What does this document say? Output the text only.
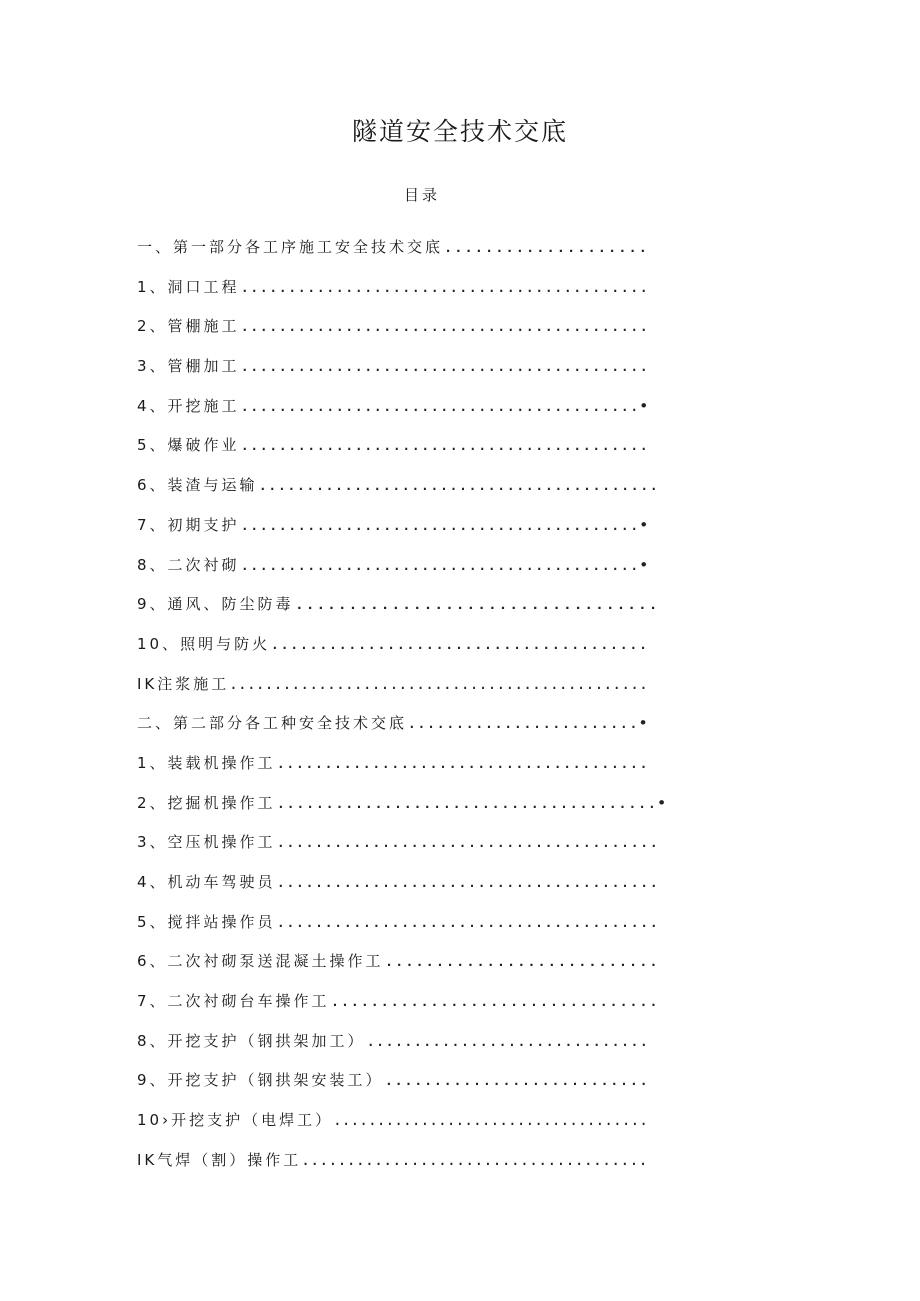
隧道安全技术交底
目录
一、第一部分各工序施工安全技术交底....................
1、洞口工程...........................................
2、管棚施工...........................................
3、管棚加工...........................................
4、开挖施工..........................................•
5、爆破作业...........................................
6、装渣与运输..........................................
7、初期支护..........................................•
8、二次衬砌..........................................•
9、通风、防尘防毒..................................
10、照明与防火.......................................
IK注浆施工...............................................
二、第二部分各工种安全技术交底........................•
1、装载机操作工.......................................
2、挖掘机操作工.......................................•
3、空压机操作工........................................
4、机动车驾驶员........................................
5、搅拌站操作员........................................
6、二次衬砌泵送混凝土操作工...........................
7、二次衬砌台车操作工.................................
8、开挖支护（钢拱架加工）..............................
9、开挖支护（钢拱架安装工）...........................
10›开挖支护（电焊工）....................................
IK气焊（割）操作工......................................
